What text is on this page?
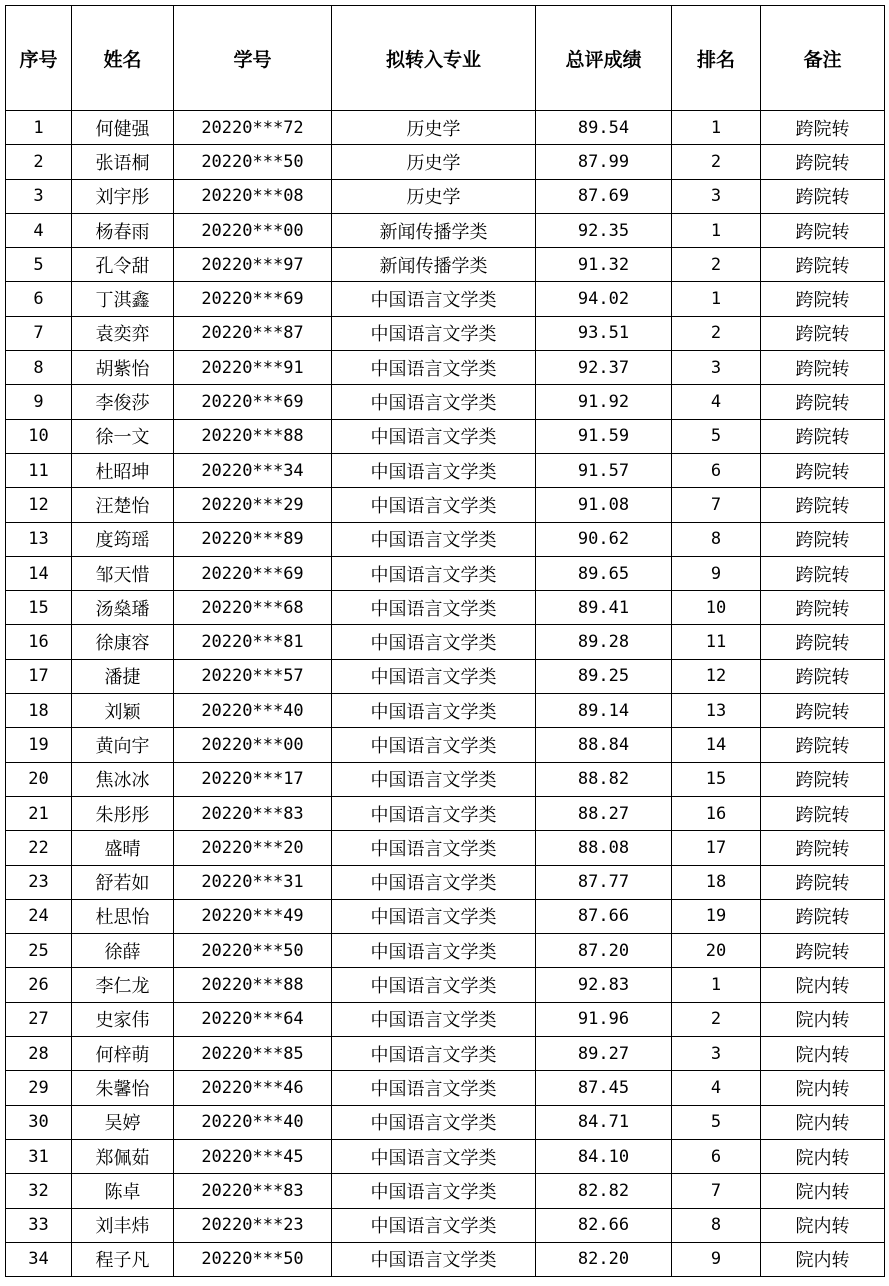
序号	姓名	学号	拟转入专业	总评成绩	排名	备注
1	何健强	20220***72	历史学	89.54	1	跨院转
2	张语桐	20220***50	历史学	87.99	2	跨院转
3	刘宇彤	20220***08	历史学	87.69	3	跨院转
4	杨春雨	20220***00	新闻传播学类	92.35	1	跨院转
5	孔令甜	20220***97	新闻传播学类	91.32	2	跨院转
6	丁淇鑫	20220***69	中国语言文学类	94.02	1	跨院转
7	袁奕弈	20220***87	中国语言文学类	93.51	2	跨院转
8	胡紫怡	20220***91	中国语言文学类	92.37	3	跨院转
9	李俊莎	20220***69	中国语言文学类	91.92	4	跨院转
10	徐一文	20220***88	中国语言文学类	91.59	5	跨院转
11	杜昭坤	20220***34	中国语言文学类	91.57	6	跨院转
12	汪楚怡	20220***29	中国语言文学类	91.08	7	跨院转
13	度筠瑶	20220***89	中国语言文学类	90.62	8	跨院转
14	邹天惜	20220***69	中国语言文学类	89.65	9	跨院转
15	汤燊璠	20220***68	中国语言文学类	89.41	10	跨院转
16	徐康容	20220***81	中国语言文学类	89.28	11	跨院转
17	潘捷	20220***57	中国语言文学类	89.25	12	跨院转
18	刘颖	20220***40	中国语言文学类	89.14	13	跨院转
19	黄向宇	20220***00	中国语言文学类	88.84	14	跨院转
20	焦冰冰	20220***17	中国语言文学类	88.82	15	跨院转
21	朱彤彤	20220***83	中国语言文学类	88.27	16	跨院转
22	盛晴	20220***20	中国语言文学类	88.08	17	跨院转
23	舒若如	20220***31	中国语言文学类	87.77	18	跨院转
24	杜思怡	20220***49	中国语言文学类	87.66	19	跨院转
25	徐薛	20220***50	中国语言文学类	87.20	20	跨院转
26	李仁龙	20220***88	中国语言文学类	92.83	1	院内转
27	史家伟	20220***64	中国语言文学类	91.96	2	院内转
28	何梓萌	20220***85	中国语言文学类	89.27	3	院内转
29	朱馨怡	20220***46	中国语言文学类	87.45	4	院内转
30	吴婷	20220***40	中国语言文学类	84.71	5	院内转
31	郑佩茹	20220***45	中国语言文学类	84.10	6	院内转
32	陈卓	20220***83	中国语言文学类	82.82	7	院内转
33	刘丰炜	20220***23	中国语言文学类	82.66	8	院内转
34	程子凡	20220***50	中国语言文学类	82.20	9	院内转
